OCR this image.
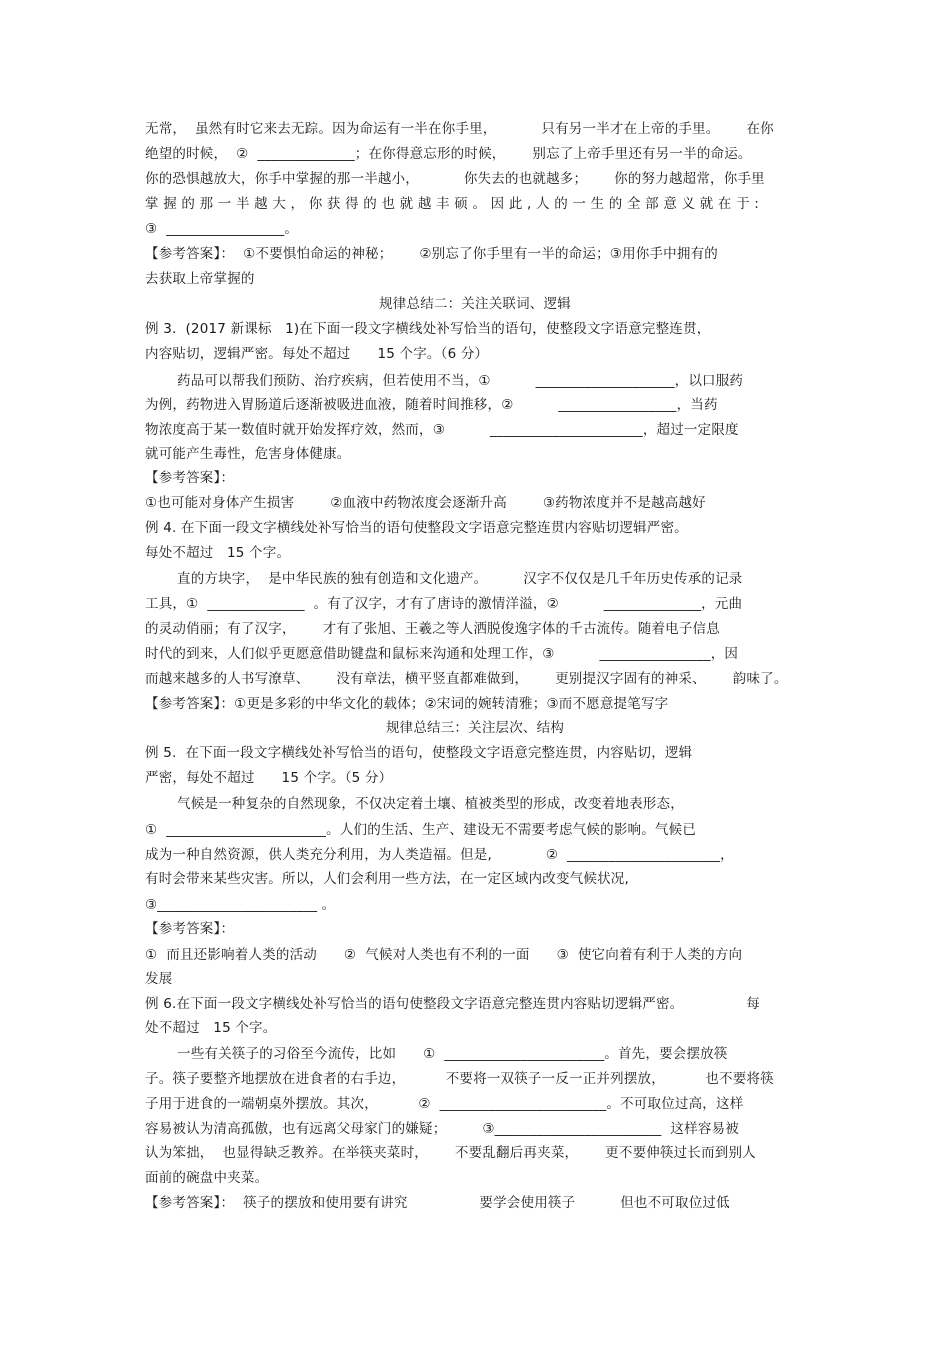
无常，  虽然有时它来去无踪。因为命运有一半在你手里，          只有另一半才在上帝的手里。      在你
绝望的时候，  ②  ______________；在你得意忘形的时候，      别忘了上帝手里还有另一半的命运。
你的恐惧越放大，你手中掌握的那一半越小，          你失去的也就越多；      你的努力越超常，你手里
掌 握 的 那 一 半 越 大 ， 你 获 得 的 也 就 越 丰 硕 。 因 此 , 人 的 一 生 的 全 部 意 义 就 在 于 :
③  _________________。
【参考答案】：  ①不要惧怕命运的神秘；      ②别忘了你手里有一半的命运；③用你手中拥有的
去获取上帝掌握的
规律总结二：关注关联词、逻辑
例 3.  (2017 新课标   1)在下面一段文字横线处补写恰当的语句，使整段文字语意完整连贯，
内容贴切，逻辑严密。每处不超过      15 个字。（6 分）
药品可以帮我们预防、治疗疾病，但若使用不当，①          ____________________，以口服药
为例，药物进入胃肠道后逐渐被吸进血液，随着时间推移，②          _________________，当药
物浓度高于某一数值时就开始发挥疗效，然而，③          ______________________，超过一定限度
就可能产生毒性，危害身体健康。
【参考答案】：
①也可能对身体产生损害        ②血液中药物浓度会逐渐升高        ③药物浓度并不是越高越好
例 4. 在下面一段文字横线处补写恰当的语句使整段文字语意完整连贯内容贴切逻辑严密。
每处不超过   15 个字。
直的方块字，  是中华民族的独有创造和文化遗产。        汉字不仅仅是几千年历史传承的记录
工具，①  ______________  。有了汉字，才有了唐诗的激情洋溢，②          ______________，元曲
的灵动俏丽；有了汉字，      才有了张旭、王羲之等人洒脱俊逸字体的千古流传。随着电子信息
时代的到来，人们似乎更愿意借助键盘和鼠标来沟通和处理工作，③          ________________，因
而越来越多的人书写潦草、      没有章法，横平竖直都难做到，      更别提汉字固有的神采、      韵味了。
【参考答案】：①更是多彩的中华文化的载体；②宋词的婉转清雅；③而不愿意提笔写字
规律总结三：关注层次、结构
例 5.  在下面一段文字横线处补写恰当的语句，使整段文字语意完整连贯，内容贴切，逻辑
严密，每处不超过      15 个字。（5 分）
气候是一种复杂的自然现象，不仅决定着土壤、植被类型的形成，改变着地表形态，
①  _______________________。人们的生活、生产、建设无不需要考虑气候的影响。气候已
成为一种自然资源，供人类充分利用，为人类造福。但是,            ②  ______________________，
有时会带来某些灾害。所以，人们会利用一些方法，在一定区域内改变气候状况,
③_______________________ 。
【参考答案】：
①  而且还影响着人类的活动      ②  气候对人类也有不利的一面      ③  使它向着有利于人类的方向
发展
例 6.在下面一段文字横线处补写恰当的语句使整段文字语意完整连贯内容贴切逻辑严密。              每
处不超过   15 个字。
一些有关筷子的习俗至今流传，比如      ①  _______________________。首先，要会摆放筷
子。筷子要整齐地摆放在进食者的右手边，         不要将一双筷子一反一正并列摆放，         也不要将筷
子用于进食的一端朝桌外摆放。其次，         ②  ________________________。不可取位过高，这样
容易被认为清高孤傲，也有远离父母家门的嫌疑；        ③________________________  这样容易被
认为笨拙，  也显得缺乏教养。在举筷夹菜时，      不要乱翻后再夹菜，      更不要伸筷过长而到别人
面前的碗盘中夹菜。
【参考答案】：  筷子的摆放和使用要有讲究                要学会使用筷子          但也不可取位过低
